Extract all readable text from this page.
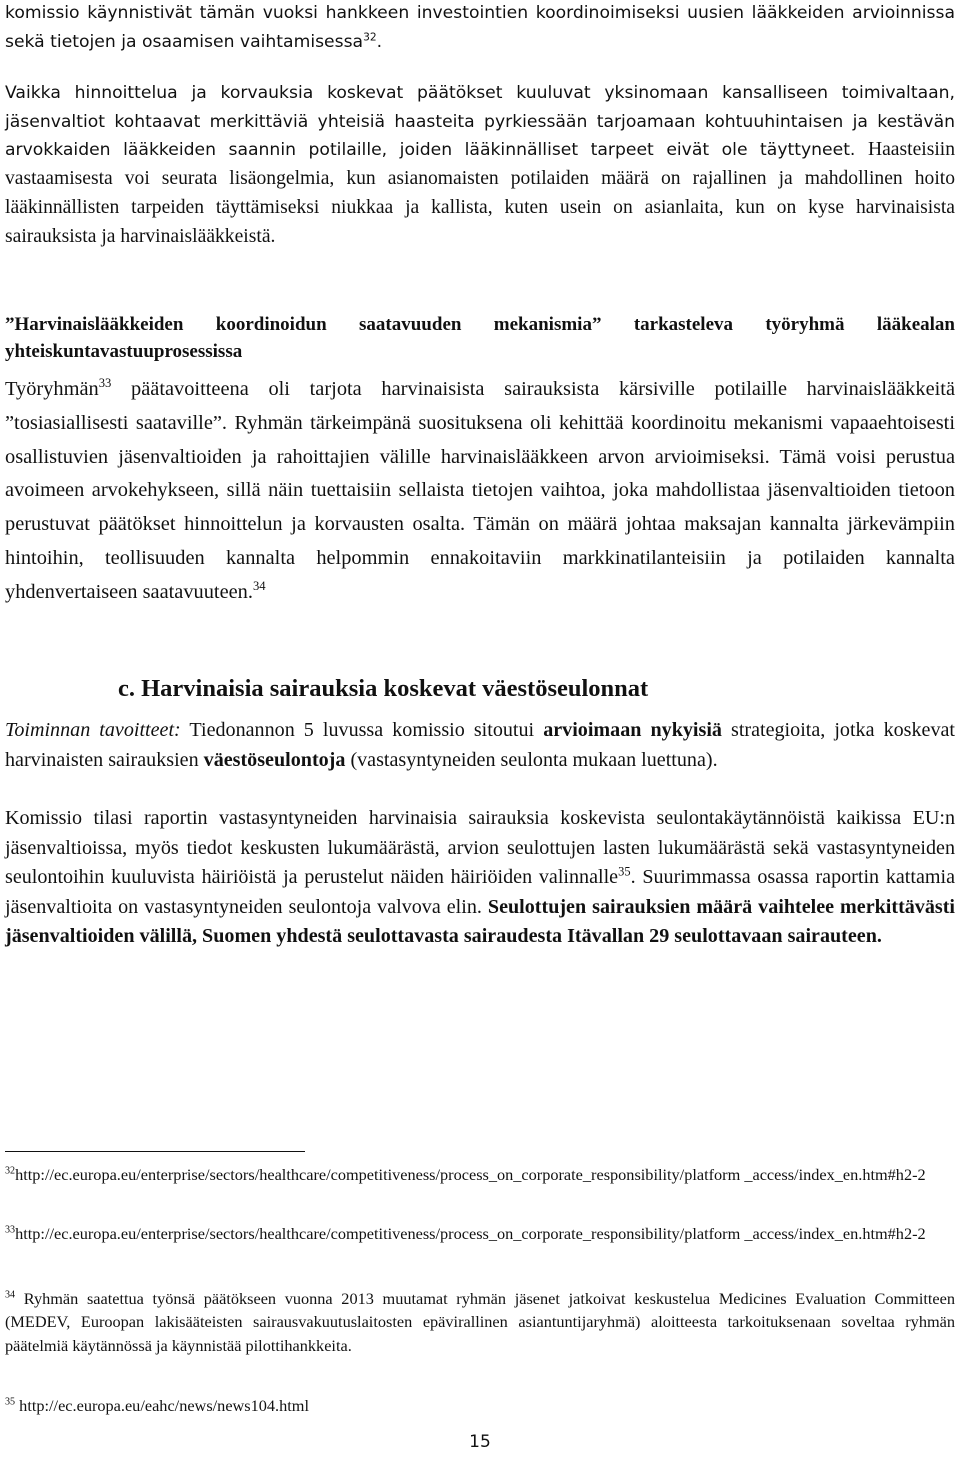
komissio käynnistivät tämän vuoksi hankkeen investointien koordinoimiseksi uusien lääkkeiden arvioinnissa sekä tietojen ja osaamisen vaihtamisessa$^{32}$.
Vaikka hinnoittelua ja korvauksia koskevat päätökset kuuluvat yksinomaan kansalliseen toimivaltaan, jäsenvaltiot kohtaavat merkittäviä yhteisiä haasteita pyrkiessään tarjoamaan kohtuuhintaisen ja kestävän arvokkaiden lääkkeiden saannin potilaille, joiden lääkinnälliset tarpeet eivät ole täyttyneet. Haasteisiin vastaamisesta voi seurata lisäongelmia, kun asianomaisten potilaiden määrä on rajallinen ja mahdollinen hoito lääkinnällisten tarpeiden täyttämiseksi niukkaa ja kallista, kuten usein on asianlaita, kun on kyse harvinaisista sairauksista ja harvinaislääkkeistä.
”Harvinaislääkkeiden koordinoidun saatavuuden mekanismia” tarkasteleva työryhmä lääkealan yhteiskuntavastuuprosessissa
Työryhmän$^{33}$ päätavoitteena oli tarjota harvinaisista sairauksista kärsiville potilaille harvinaislääkkeitä ”tosiasiallisesti saataville”. Ryhmän tärkeimpänä suosituksena oli kehittää koordinoitu mekanismi vapaaehtoisesti osallistuvien jäsenvaltioiden ja rahoittajien välille harvinaislääkkeen arvon arvioimiseksi. Tämä voisi perustua avoimeen arvokehykseen, sillä näin tuettaisiin sellaista tietojen vaihtoa, joka mahdollistaa jäsenvaltioiden tietoon perustuvat päätökset hinnoittelun ja korvausten osalta. Tämän on määrä johtaa maksajan kannalta järkevämpiin hintoihin, teollisuuden kannalta helpommin ennakoitaviin markkinatilanteisiin ja potilaiden kannalta yhdenvertaiseen saatavuuteen.$^{34}$
c. Harvinaisia sairauksia koskevat väestöseulonnat
Toiminnan tavoitteet: Tiedonannon 5 luvussa komissio sitoutui arvioimaan nykyisiä strategioita, jotka koskevat harvinaisten sairauksien väestöseulontoja (vastasyntyneiden seulonta mukaan luettuna).
Komissio tilasi raportin vastasyntyneiden harvinaisia sairauksia koskevista seulontakäytännöistä kaikissa EU:n jäsenvaltioissa, myös tiedot keskusten lukumäärästä, arvion seulottujen lasten lukumäärästä sekä vastasyntyneiden seulontoihin kuuluvista häiriöistä ja perustelut näiden häiriöiden valinnalle$^{35}$. Suurimmassa osassa raportin kattamia jäsenvaltioita on vastasyntyneiden seulontoja valvova elin. Seulottujen sairauksien määrä vaihtelee merkittävästi jäsenvaltioiden välillä, Suomen yhdestä seulottavasta sairaudesta Itävallan 29 seulottavaan sairauteen.
$^{32}$http://ec.europa.eu/enterprise/sectors/healthcare/competitiveness/process_on_corporate_responsibility/platform _access/index_en.htm#h2-2
$^{33}$http://ec.europa.eu/enterprise/sectors/healthcare/competitiveness/process_on_corporate_responsibility/platform _access/index_en.htm#h2-2
$^{34}$ Ryhmän saatettua työnsä päätökseen vuonna 2013 muutamat ryhmän jäsenet jatkoivat keskustelua Medicines Evaluation Committeen (MEDEV, Euroopan lakisääteisten sairausvakuutuslaitosten epävirallinen asiantuntijaryhmä) aloitteesta tarkoituksenaan soveltaa ryhmän päätelmiä käytännössä ja käynnistää pilottihankkeita.
$^{35}$ http://ec.europa.eu/eahc/news/news104.html
15
